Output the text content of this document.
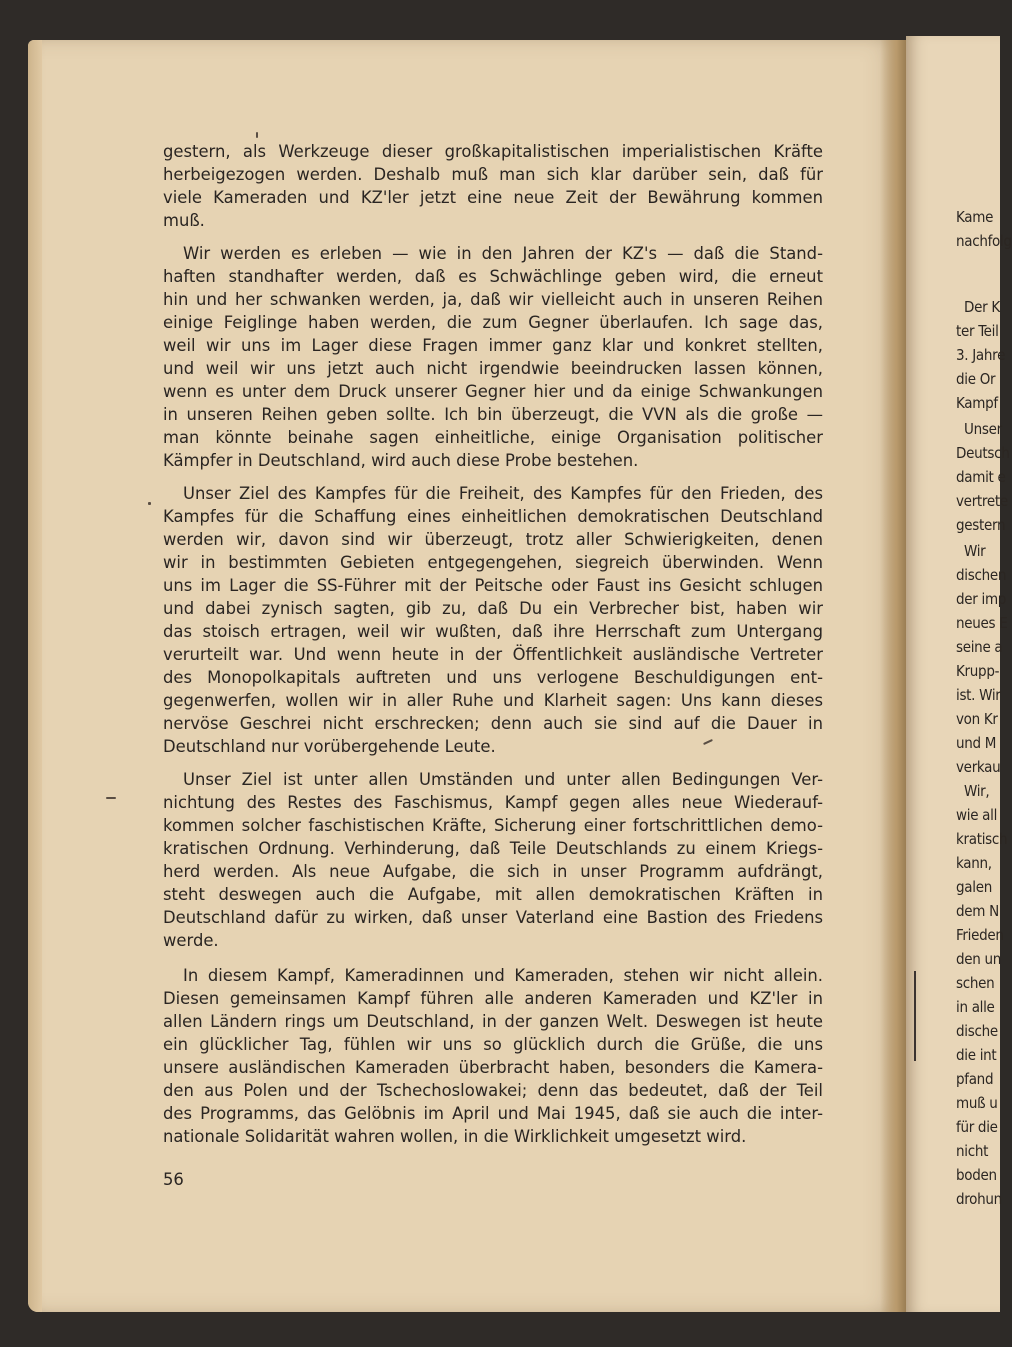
Kame
nachfolg
Der K
ter Teil
3. Jahre
die Or
Kampf
Unser
Deutsch
damit e
vertrete
gestern
Wir
dischen
der imp
neues E
seine a
Krupp-
ist. Wir
von Kr
und M
verkau
Wir,
wie all
kratisch
kann,
galen
dem N
Frieden
den un
schen
in alle
dische
die int
pfand
muß u
für die
nicht
boden
drohun
gestern, als Werkzeuge dieser großkapitalistischen imperialistischen Kräfte
herbeigezogen werden. Deshalb muß man sich klar darüber sein, daß für
viele Kameraden und KZ'ler jetzt eine neue Zeit der Bewährung kommen
muß.
Wir werden es erleben — wie in den Jahren der KZ's — daß die Stand-
haften standhafter werden, daß es Schwächlinge geben wird, die erneut
hin und her schwanken werden, ja, daß wir vielleicht auch in unseren Reihen
einige Feiglinge haben werden, die zum Gegner überlaufen. Ich sage das,
weil wir uns im Lager diese Fragen immer ganz klar und konkret stellten,
und weil wir uns jetzt auch nicht irgendwie beeindrucken lassen können,
wenn es unter dem Druck unserer Gegner hier und da einige Schwankungen
in unseren Reihen geben sollte. Ich bin überzeugt, die VVN als die große —
man könnte beinahe sagen einheitliche, einige Organisation politischer
Kämpfer in Deutschland, wird auch diese Probe bestehen.
Unser Ziel des Kampfes für die Freiheit, des Kampfes für den Frieden, des
Kampfes für die Schaffung eines einheitlichen demokratischen Deutschland
werden wir, davon sind wir überzeugt, trotz aller Schwierigkeiten, denen
wir in bestimmten Gebieten entgegengehen, siegreich überwinden. Wenn
uns im Lager die SS-Führer mit der Peitsche oder Faust ins Gesicht schlugen
und dabei zynisch sagten, gib zu, daß Du ein Verbrecher bist, haben wir
das stoisch ertragen, weil wir wußten, daß ihre Herrschaft zum Untergang
verurteilt war. Und wenn heute in der Öffentlichkeit ausländische Vertreter
des Monopolkapitals auftreten und uns verlogene Beschuldigungen ent-
gegenwerfen, wollen wir in aller Ruhe und Klarheit sagen: Uns kann dieses
nervöse Geschrei nicht erschrecken; denn auch sie sind auf die Dauer in
Deutschland nur vorübergehende Leute.
Unser Ziel ist unter allen Umständen und unter allen Bedingungen Ver-
nichtung des Restes des Faschismus, Kampf gegen alles neue Wiederauf-
kommen solcher faschistischen Kräfte, Sicherung einer fortschrittlichen demo-
kratischen Ordnung. Verhinderung, daß Teile Deutschlands zu einem Kriegs-
herd werden. Als neue Aufgabe, die sich in unser Programm aufdrängt,
steht deswegen auch die Aufgabe, mit allen demokratischen Kräften in
Deutschland dafür zu wirken, daß unser Vaterland eine Bastion des Friedens
werde.
In diesem Kampf, Kameradinnen und Kameraden, stehen wir nicht allein.
Diesen gemeinsamen Kampf führen alle anderen Kameraden und KZ'ler in
allen Ländern rings um Deutschland, in der ganzen Welt. Deswegen ist heute
ein glücklicher Tag, fühlen wir uns so glücklich durch die Grüße, die uns
unsere ausländischen Kameraden überbracht haben, besonders die Kamera-
den aus Polen und der Tschechoslowakei; denn das bedeutet, daß der Teil
des Programms, das Gelöbnis im April und Mai 1945, daß sie auch die inter-
nationale Solidarität wahren wollen, in die Wirklichkeit umgesetzt wird.
56
